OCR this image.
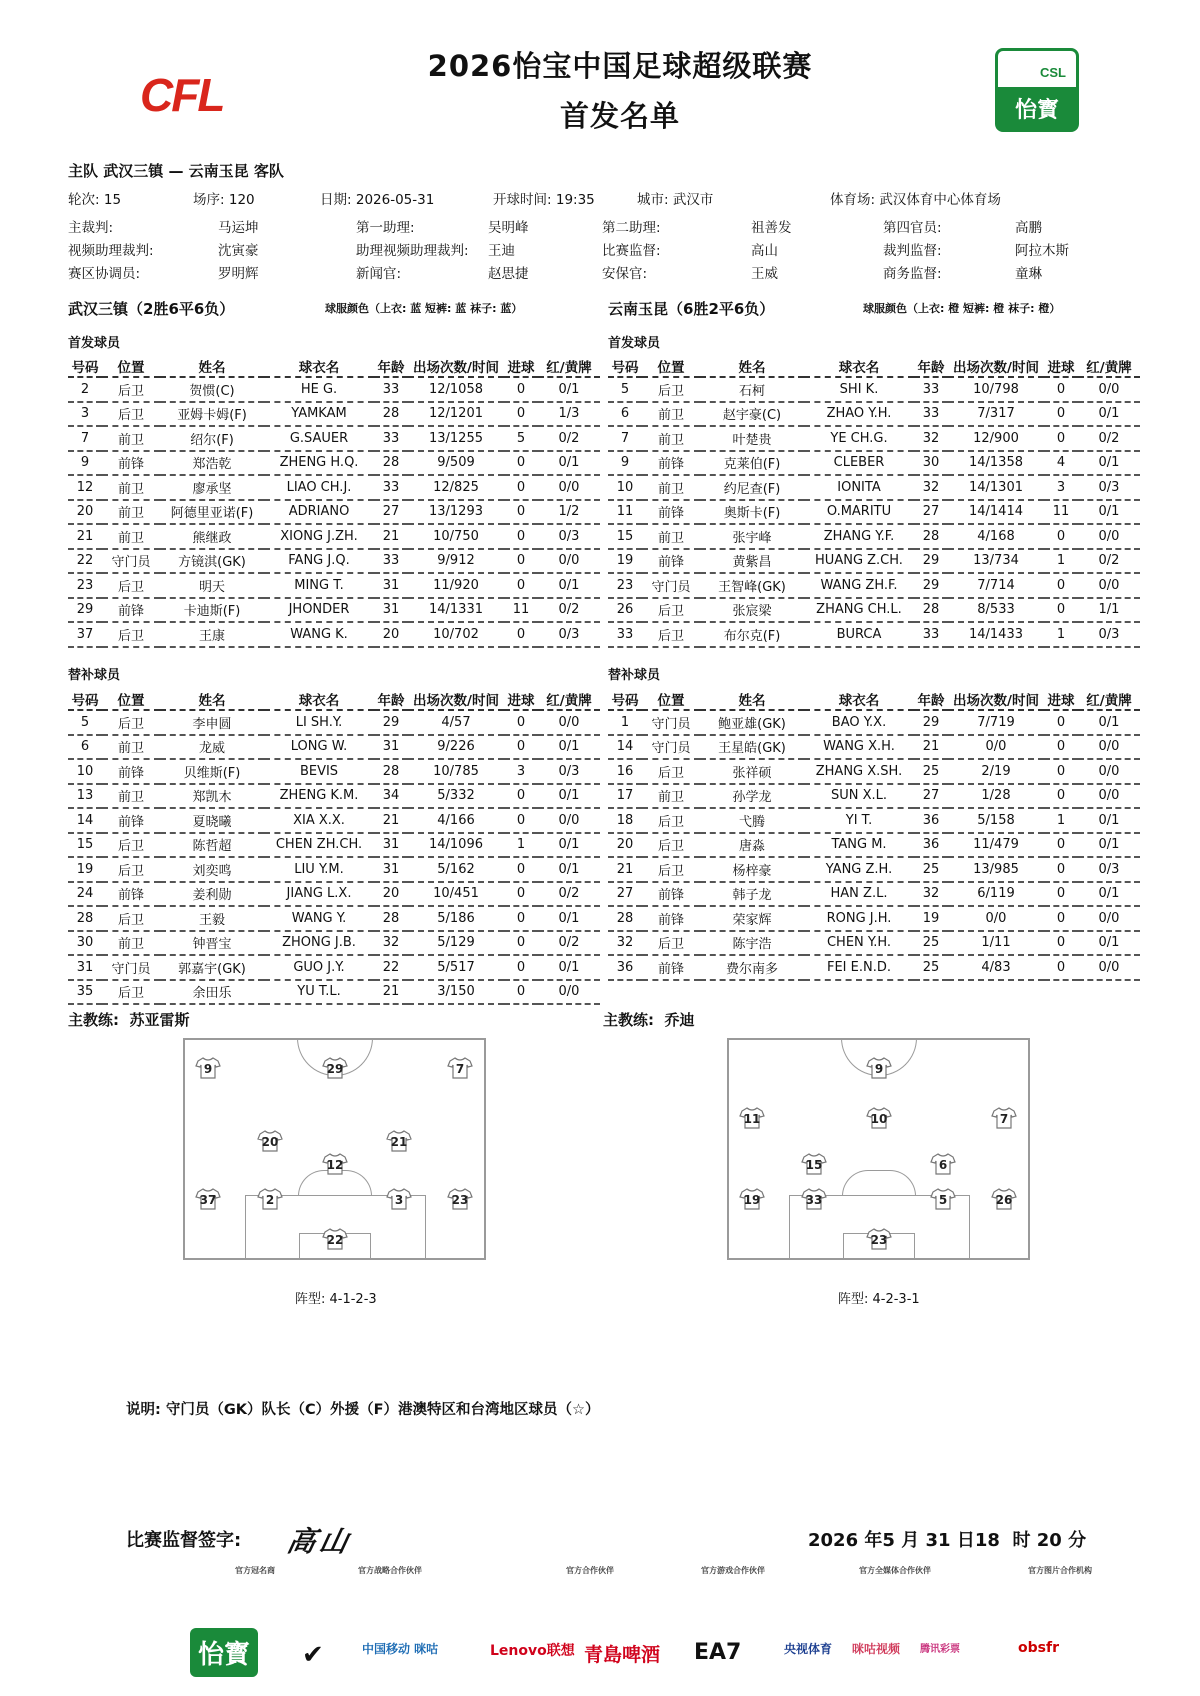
2026怡宝中国足球超级联赛
首发名单
CFL	CSL
怡寳
主队 武汉三镇 — 云南玉昆 客队
轮次: 15	场序: 120	日期: 2026-05-31	开球时间: 19:35	城市: 武汉市	体育场: 武汉体育中心体育场
主裁判:	马运坤	第一助理:	吴明峰	第二助理:	祖善发	第四官员:	高鹏
视频助理裁判:	沈寅豪	助理视频助理裁判: 王迪	比赛监督:	高山	裁判监督:	阿拉木斯
赛区协调员:	罗明辉	新闻官:	赵思捷	安保官:	王威	商务监督:	童琳
武汉三镇（2胜6平6负）	球服颜色（上衣: 蓝 短裤: 蓝 袜子: 蓝）	云南玉昆（6胜2平6负）	球服颜色（上衣: 橙 短裤: 橙 袜子: 橙）
首发球员	首发球员
替补球员	替补球员
号码	位置	姓名	球衣名	年龄	出场次数/时间	进球	红/黄牌
2	后卫	贺惯(C)	HE G.	33	12/1058	0	0/1
3	后卫	亚姆卡姆(F)	YAMKAM	28	12/1201	0	1/3
7	前卫	绍尔(F)	G.SAUER	33	13/1255	5	0/2
9	前锋	郑浩乾	ZHENG H.Q.	28	9/509	0	0/1
12	前卫	廖承坚	LIAO CH.J.	33	12/825	0	0/0
20	前卫	阿德里亚诺(F)	ADRIANO	27	13/1293	0	1/2
21	前卫	熊继政	XIONG J.ZH.	21	10/750	0	0/3
22	守门员	方镜淇(GK)	FANG J.Q.	33	9/912	0	0/0
23	后卫	明天	MING T.	31	11/920	0	0/1
29	前锋	卡迪斯(F)	JHONDER	31	14/1331	11	0/2
37	后卫	王康	WANG K.	20	10/702	0	0/3
号码	位置	姓名	球衣名	年龄	出场次数/时间	进球	红/黄牌
5	后卫	石柯	SHI K.	33	10/798	0	0/0
6	前卫	赵宇豪(C)	ZHAO Y.H.	33	7/317	0	0/1
7	前卫	叶楚贵	YE CH.G.	32	12/900	0	0/2
9	前锋	克莱伯(F)	CLEBER	30	14/1358	4	0/1
10	前卫	约尼查(F)	IONITA	32	14/1301	3	0/3
11	前锋	奥斯卡(F)	O.MARITU	27	14/1414	11	0/1
15	前卫	张宇峰	ZHANG Y.F.	28	4/168	0	0/0
19	前锋	黄紫昌	HUANG Z.CH.	29	13/734	1	0/2
23	守门员	王智峰(GK)	WANG ZH.F.	29	7/714	0	0/0
26	后卫	张宸梁	ZHANG CH.L.	28	8/533	0	1/1
33	后卫	布尔克(F)	BURCA	33	14/1433	1	0/3
号码	位置	姓名	球衣名	年龄	出场次数/时间	进球	红/黄牌
5	后卫	李申圆	LI SH.Y.	29	4/57	0	0/0
6	前卫	龙威	LONG W.	31	9/226	0	0/1
10	前锋	贝维斯(F)	BEVIS	28	10/785	3	0/3
13	前卫	郑凯木	ZHENG K.M.	34	5/332	0	0/1
14	前锋	夏晓曦	XIA X.X.	21	4/166	0	0/0
15	后卫	陈哲超	CHEN ZH.CH.	31	14/1096	1	0/1
19	后卫	刘奕鸣	LIU Y.M.	31	5/162	0	0/1
24	前锋	姜利勋	JIANG L.X.	20	10/451	0	0/2
28	后卫	王毅	WANG Y.	28	5/186	0	0/1
30	前卫	钟晋宝	ZHONG J.B.	32	5/129	0	0/2
31	守门员	郭嘉宇(GK)	GUO J.Y.	22	5/517	0	0/1
35	后卫	余田乐	YU T.L.	21	3/150	0	0/0
号码	位置	姓名	球衣名	年龄	出场次数/时间	进球	红/黄牌
1	守门员	鲍亚雄(GK)	BAO Y.X.	29	7/719	0	0/1
14	守门员	王星皓(GK)	WANG X.H.	21	0/0	0	0/0
16	后卫	张祥硕	ZHANG X.SH.	25	2/19	0	0/0
17	前卫	孙学龙	SUN X.L.	27	1/28	0	0/0
18	后卫	弋腾	YI T.	36	5/158	1	0/1
20	后卫	唐淼	TANG M.	36	11/479	0	0/1
21	后卫	杨梓豪	YANG Z.H.	25	13/985	0	0/3
27	前锋	韩子龙	HAN Z.L.	32	6/119	0	0/1
28	前锋	荣家辉	RONG J.H.	19	0/0	0	0/0
32	后卫	陈宇浩	CHEN Y.H.	25	1/11	0	0/1
36	前锋	费尔南多	FEI E.N.D.	25	4/83	0	0/0
主教练: 苏亚雷斯	主教练: 乔迪
9	29	7
20	21
12
37	2	3	23
22
9
11	10	7
15	6
19	33	5	26
23
阵型: 4-1-2-3	阵型: 4-2-3-1
说明: 守门员（GK）队长（C）外援（F）港澳特区和台湾地区球员（☆）
比赛监督签字: 高山	2026 年5 月 31 日18 时 20 分
官方冠名商	官方战略合作伙伴	官方合作伙伴	官方游戏合作伙伴	官方全媒体合作伙伴	官方图片合作机构
怡寳	✔	中国移动 咪咕	Lenovo联想 青島啤酒 EA7	央视体育 咪咕视频 腾讯彩票	obsfr
